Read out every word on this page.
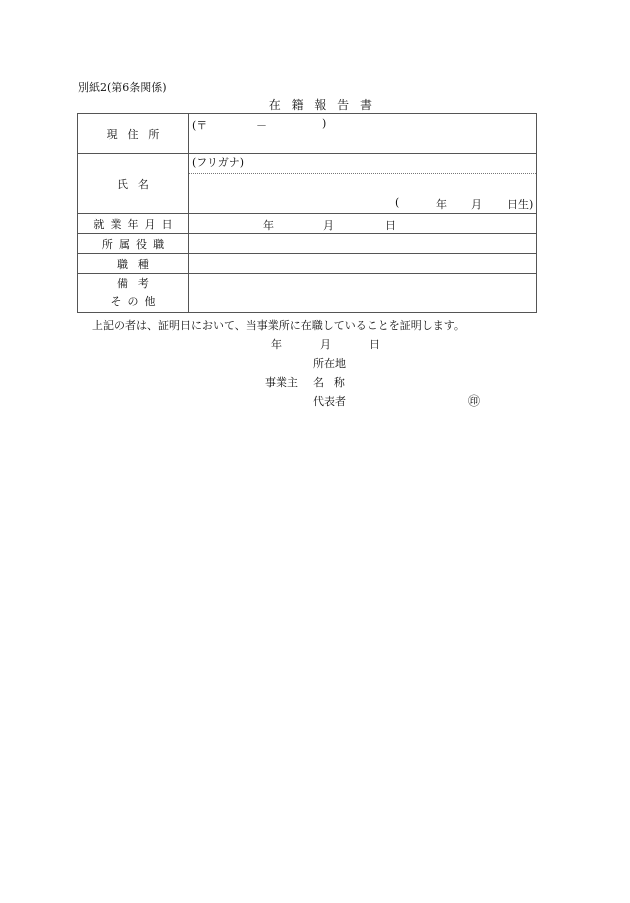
別紙2(第6条関係)
在籍報告書
現住所	(〒 － )

氏名	(フリガナ)
( 年 月 日生)

就業年月日	年 月 日

所属役職	
職種	

備考
その他	

上記の者は、証明日において、当事業所に在職していることを証明します。
年	月	日
所在地
事業主 名称
代表者	㊞
